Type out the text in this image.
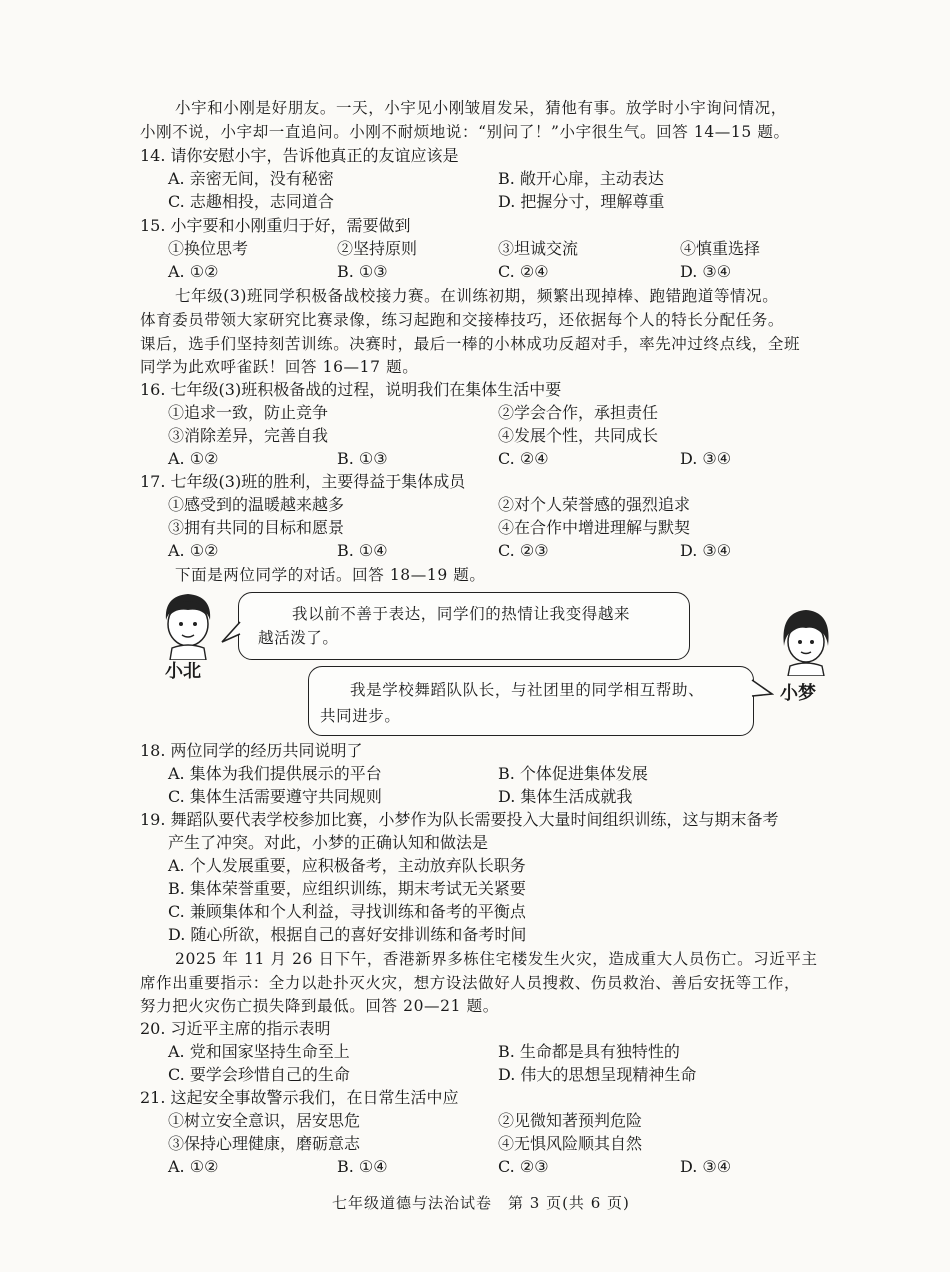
小宇和小刚是好朋友。一天，小宇见小刚皱眉发呆，猜他有事。放学时小宇询问情况，
小刚不说，小宇却一直追问。小刚不耐烦地说：“别问了！”小宇很生气。回答 14—15 题。
14. 请你安慰小宇，告诉他真正的友谊应该是
A. 亲密无间，没有秘密	B. 敞开心扉，主动表达
C. 志趣相投，志同道合	D. 把握分寸，理解尊重
15. 小宇要和小刚重归于好，需要做到
①换位思考	②坚持原则	③坦诚交流	④慎重选择
A. ①②	B. ①③	C. ②④	D. ③④
七年级(3)班同学积极备战校接力赛。在训练初期，频繁出现掉棒、跑错跑道等情况。
体育委员带领大家研究比赛录像，练习起跑和交接棒技巧，还依据每个人的特长分配任务。
课后，选手们坚持刻苦训练。决赛时，最后一棒的小林成功反超对手，率先冲过终点线，全班
同学为此欢呼雀跃！回答 16—17 题。
16. 七年级(3)班积极备战的过程，说明我们在集体生活中要
①追求一致，防止竞争	②学会合作，承担责任
③消除差异，完善自我	④发展个性，共同成长
A. ①②	B. ①③	C. ②④	D. ③④
17. 七年级(3)班的胜利，主要得益于集体成员
①感受到的温暖越来越多	②对个人荣誉感的强烈追求
③拥有共同的目标和愿景	④在合作中增进理解与默契
A. ①②	B. ①④	C. ②③	D. ③④
下面是两位同学的对话。回答 18—19 题。
小北
我以前不善于表达，同学们的热情让我变得越来
越活泼了。
小梦
我是学校舞蹈队队长，与社团里的同学相互帮助、
共同进步。
18. 两位同学的经历共同说明了
A. 集体为我们提供展示的平台	B. 个体促进集体发展
C. 集体生活需要遵守共同规则	D. 集体生活成就我
19. 舞蹈队要代表学校参加比赛，小梦作为队长需要投入大量时间组织训练，这与期末备考
产生了冲突。对此，小梦的正确认知和做法是
A. 个人发展重要，应积极备考，主动放弃队长职务
B. 集体荣誉重要，应组织训练，期末考试无关紧要
C. 兼顾集体和个人利益，寻找训练和备考的平衡点
D. 随心所欲，根据自己的喜好安排训练和备考时间
2025 年 11 月 26 日下午，香港新界多栋住宅楼发生火灾，造成重大人员伤亡。习近平主
席作出重要指示：全力以赴扑灭火灾，想方设法做好人员搜救、伤员救治、善后安抚等工作，
努力把火灾伤亡损失降到最低。回答 20—21 题。
20. 习近平主席的指示表明
A. 党和国家坚持生命至上	B. 生命都是具有独特性的
C. 要学会珍惜自己的生命	D. 伟大的思想呈现精神生命
21. 这起安全事故警示我们，在日常生活中应
①树立安全意识，居安思危	②见微知著预判危险
③保持心理健康，磨砺意志	④无惧风险顺其自然
A. ①②	B. ①④	C. ②③	D. ③④
七年级道德与法治试卷　第 3 页(共 6 页)
